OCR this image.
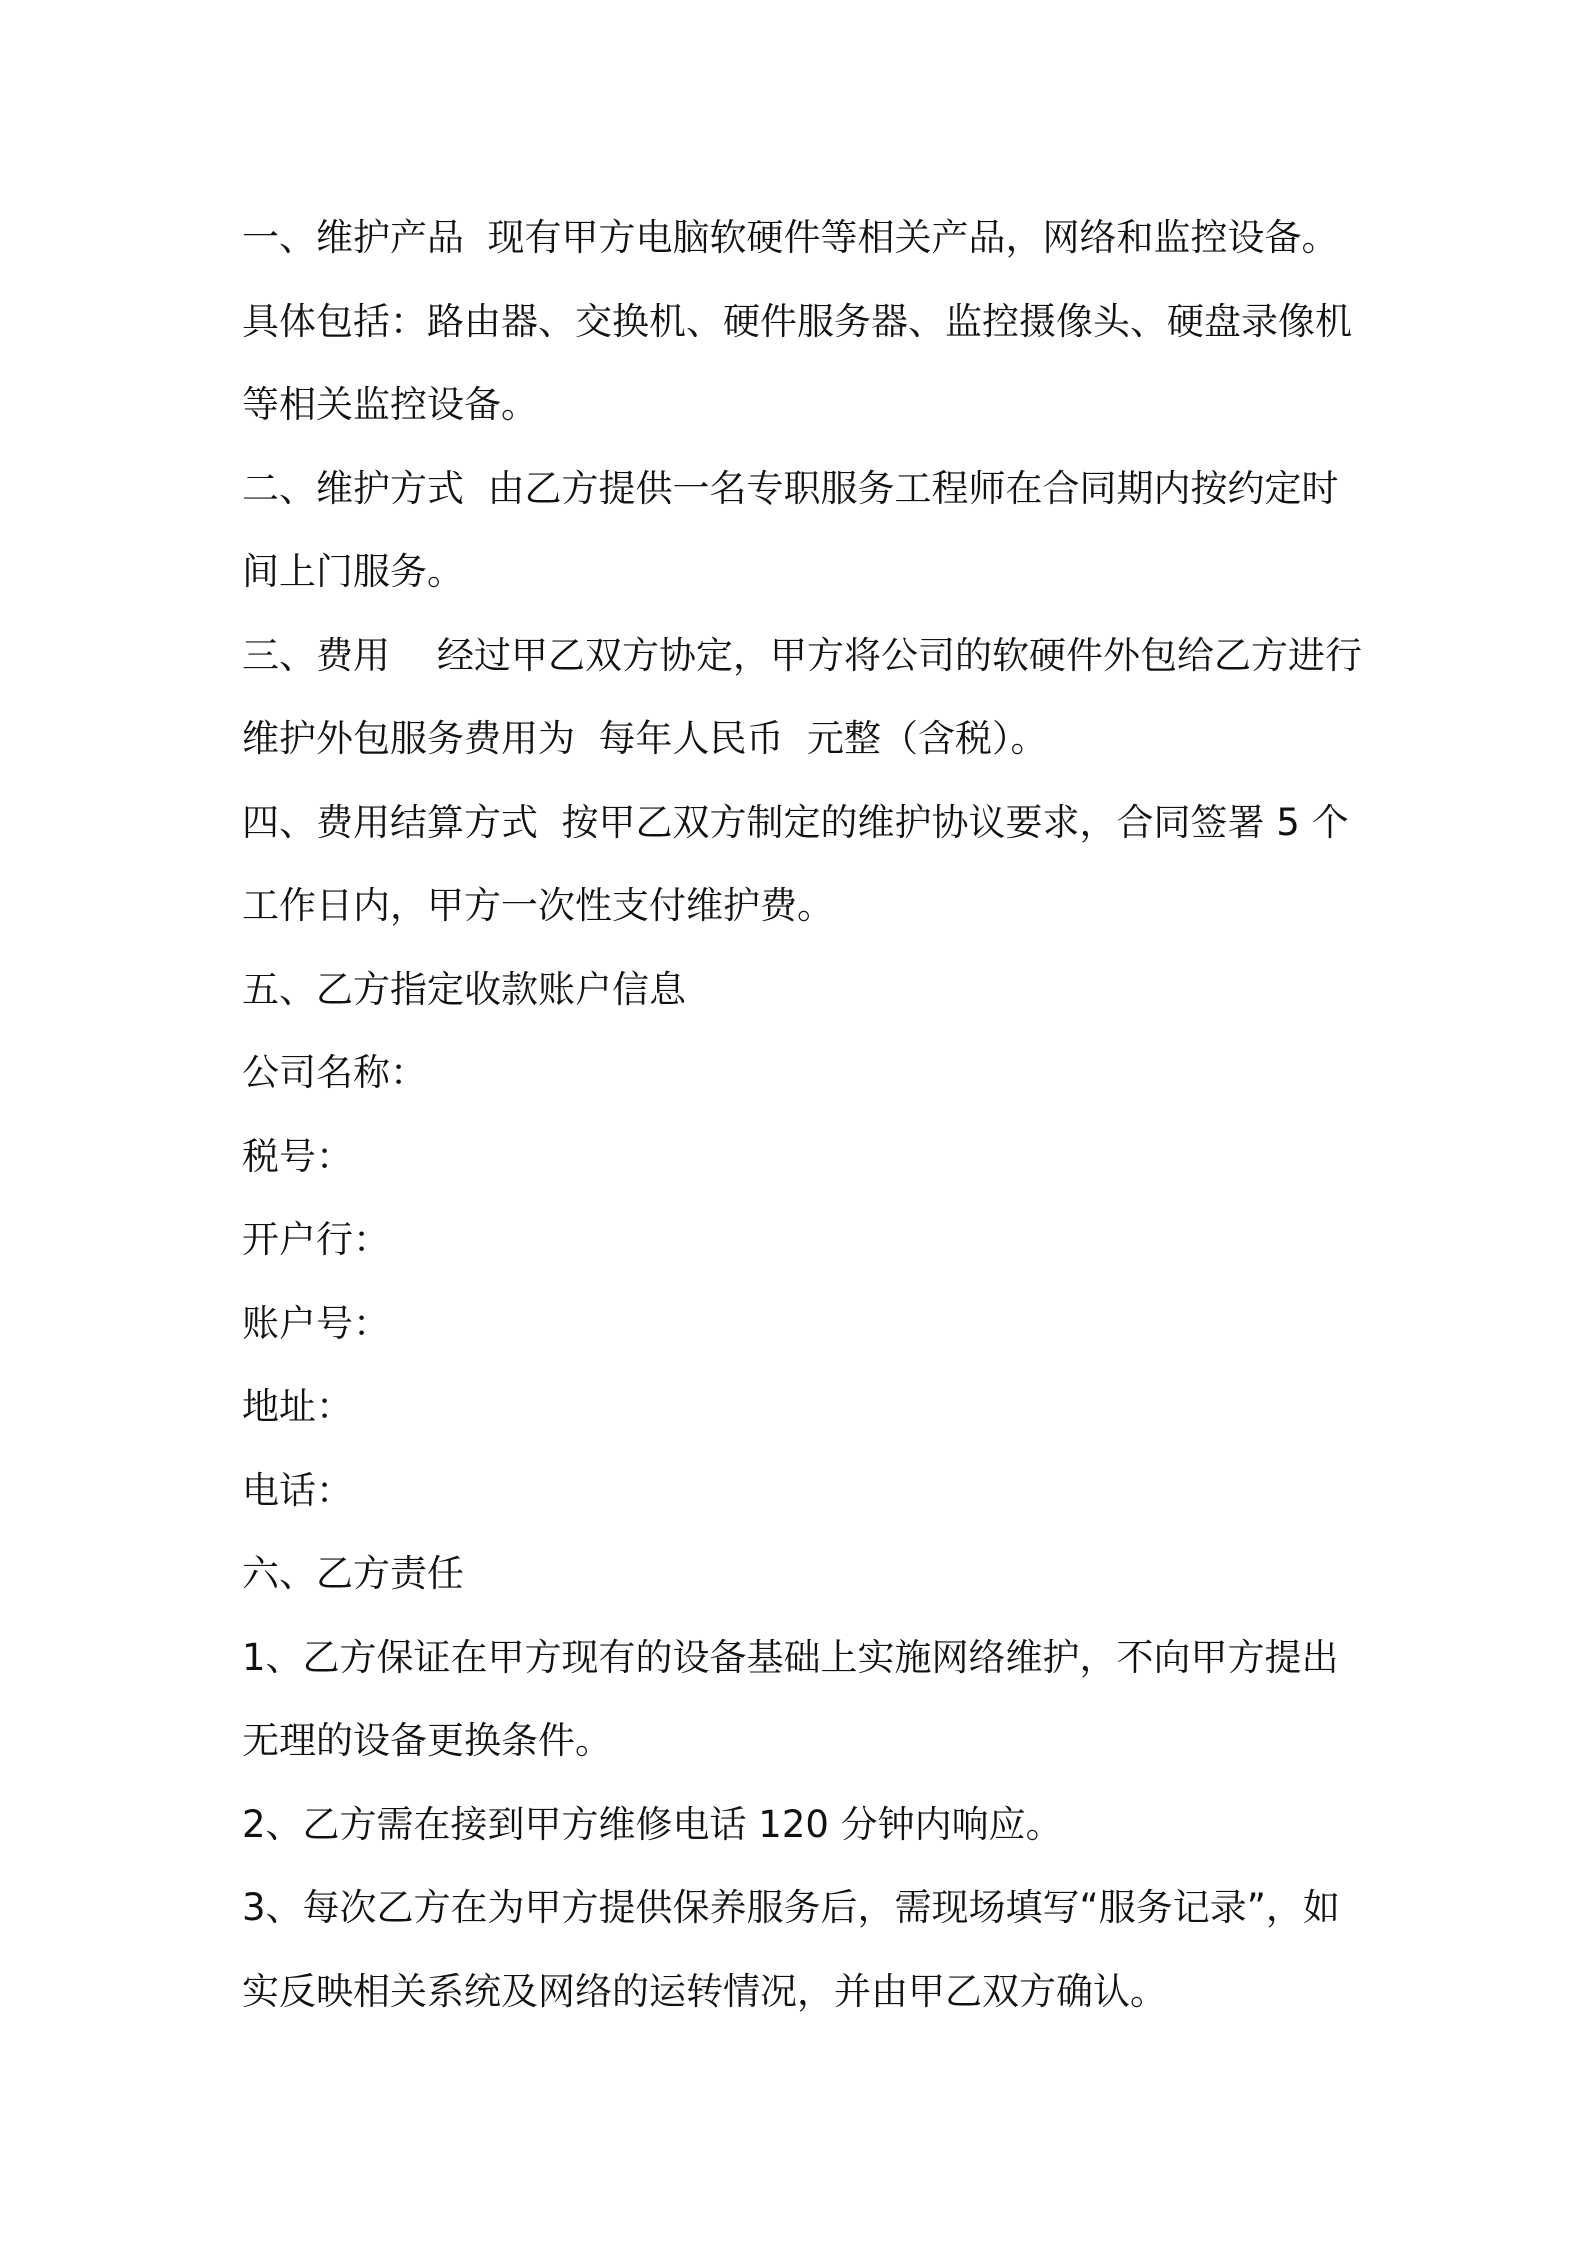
一、维护产品  现有甲方电脑软硬件等相关产品，网络和监控设备。
具体包括：路由器、交换机、硬件服务器、监控摄像头、硬盘录像机
等相关监控设备。
二、维护方式  由乙方提供一名专职服务工程师在合同期内按约定时
间上门服务。
三、费用    经过甲乙双方协定，甲方将公司的软硬件外包给乙方进行
维护外包服务费用为  每年人民币  元整（含税）。
四、费用结算方式  按甲乙双方制定的维护协议要求，合同签署 5 个
工作日内，甲方一次性支付维护费。
五、乙方指定收款账户信息
公司名称：
税号：
开户行：
账户号：
地址：
电话：
六、乙方责任
1、乙方保证在甲方现有的设备基础上实施网络维护，不向甲方提出
无理的设备更换条件。
2、乙方需在接到甲方维修电话 120 分钟内响应。
3、每次乙方在为甲方提供保养服务后，需现场填写“服务记录”，如
实反映相关系统及网络的运转情况，并由甲乙双方确认。
